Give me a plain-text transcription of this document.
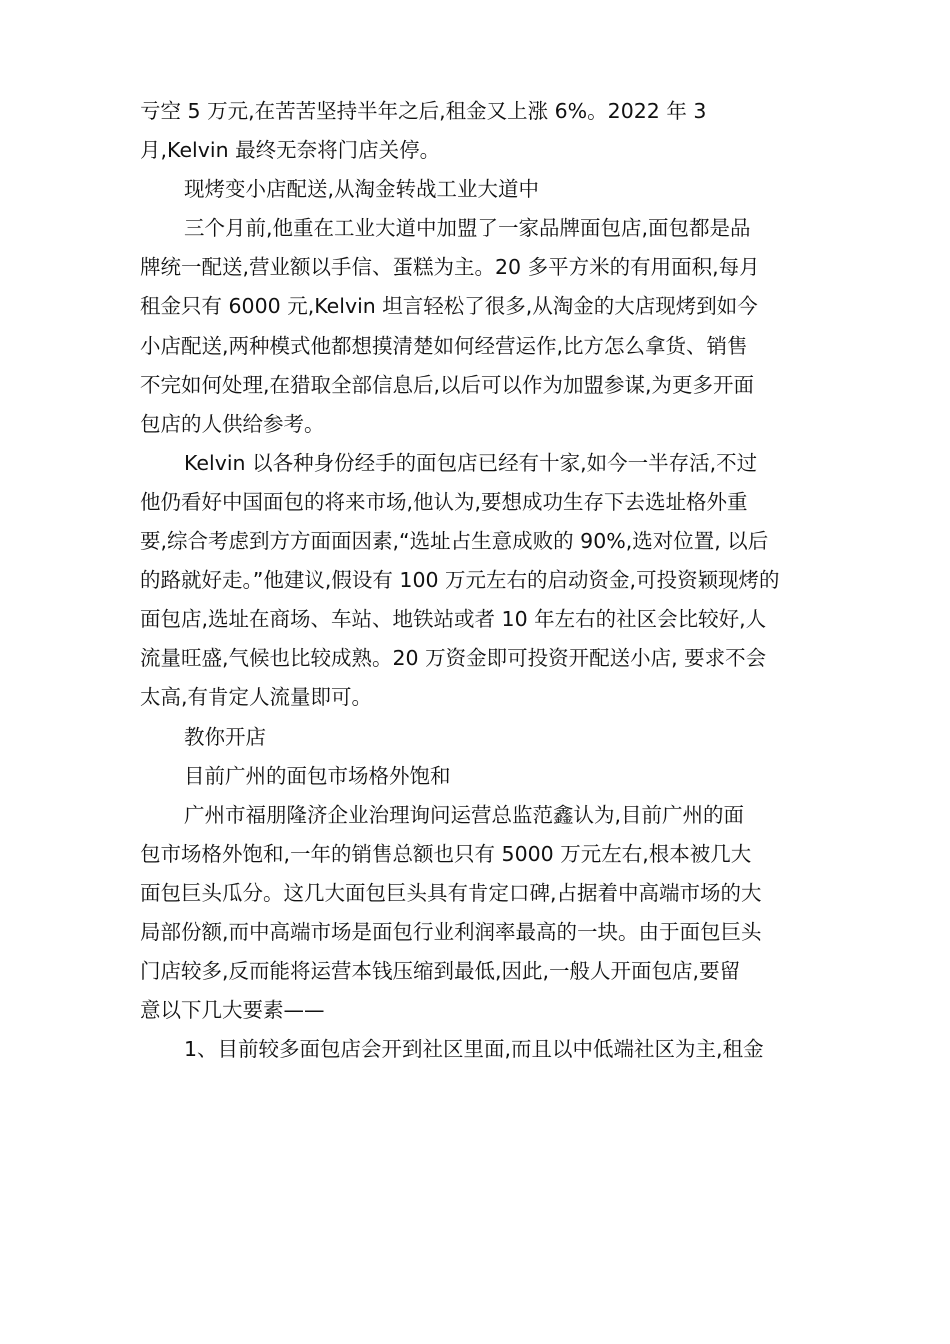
亏空 5 万元,在苦苦坚持半年之后,租金又上涨 6%。2022 年 3
月,Kelvin 最终无奈将门店关停。
现烤变小店配送,从淘金转战工业大道中
三个月前,他重在工业大道中加盟了一家品牌面包店,面包都是品
牌统一配送,营业额以手信、蛋糕为主。20 多平方米的有用面积,每月
租金只有 6000 元,Kelvin 坦言轻松了很多,从淘金的大店现烤到如今
小店配送,两种模式他都想摸清楚如何经营运作,比方怎么拿货、销售
不完如何处理,在猎取全部信息后,以后可以作为加盟参谋,为更多开面
包店的人供给参考。
Kelvin 以各种身份经手的面包店已经有十家,如今一半存活,不过
他仍看好中国面包的将来市场,他认为,要想成功生存下去选址格外重
要,综合考虑到方方面面因素,“选址占生意成败的 90%,选对位置, 以后
的路就好走。”他建议,假设有 100 万元左右的启动资金,可投资颖现烤的
面包店,选址在商场、车站、地铁站或者 10 年左右的社区会比较好,人
流量旺盛,气候也比较成熟。20 万资金即可投资开配送小店, 要求不会
太高,有肯定人流量即可。
教你开店
目前广州的面包市场格外饱和
广州市福朋隆济企业治理询问运营总监范鑫认为,目前广州的面
包市场格外饱和,一年的销售总额也只有 5000 万元左右,根本被几大
面包巨头瓜分。这几大面包巨头具有肯定口碑,占据着中高端市场的大
局部份额,而中高端市场是面包行业利润率最高的一块。由于面包巨头
门店较多,反而能将运营本钱压缩到最低,因此,一般人开面包店,要留
意以下几大要素——
1、目前较多面包店会开到社区里面,而且以中低端社区为主,租金
